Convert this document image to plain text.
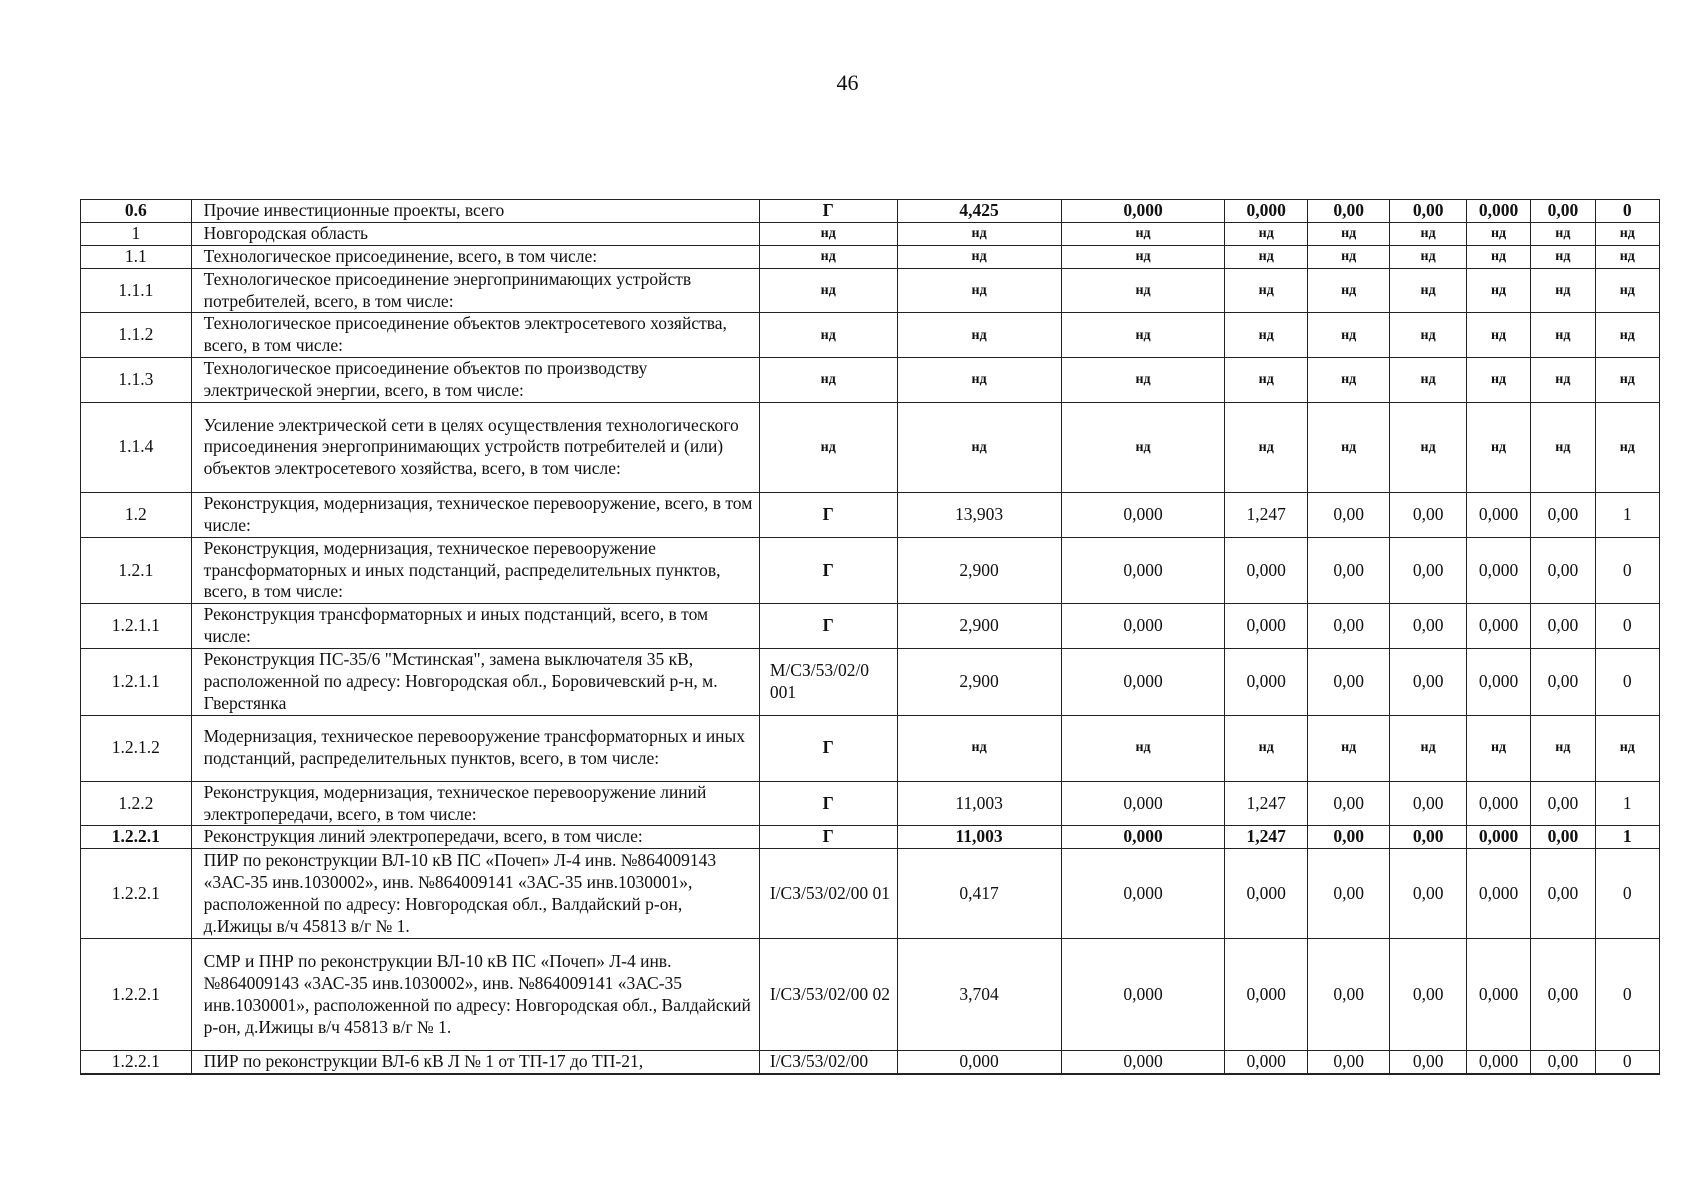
46
0.6	Прочие инвестиционные проекты, всего	Г	4,425	0,000	0,000	0,00	0,00	0,000	0,00	0
1	Новгородская область	нд	нд	нд	нд	нд	нд	нд	нд	нд
1.1	Технологическое присоединение, всего, в том числе:	нд	нд	нд	нд	нд	нд	нд	нд	нд
1.1.1	Технологическое присоединение энергопринимающих устройств потребителей, всего, в том числе:	нд	нд	нд	нд	нд	нд	нд	нд	нд
1.1.2	Технологическое присоединение объектов электросетевого хозяйства, всего, в том числе:	нд	нд	нд	нд	нд	нд	нд	нд	нд
1.1.3	Технологическое присоединение объектов по производству электрической энергии, всего, в том числе:	нд	нд	нд	нд	нд	нд	нд	нд	нд
1.1.4	Усиление электрической сети в целях осуществления технологического присоединения энергопринимающих устройств потребителей и (или) объектов электросетевого хозяйства, всего, в том числе:	нд	нд	нд	нд	нд	нд	нд	нд	нд
1.2	Реконструкция, модернизация, техническое перевооружение, всего, в том числе:	Г	13,903	0,000	1,247	0,00	0,00	0,000	0,00	1
1.2.1	Реконструкция, модернизация, техническое перевооружение трансформаторных и иных подстанций, распределительных пунктов, всего, в том числе:	Г	2,900	0,000	0,000	0,00	0,00	0,000	0,00	0
1.2.1.1	Реконструкция трансформаторных и иных подстанций, всего, в том числе:	Г	2,900	0,000	0,000	0,00	0,00	0,000	0,00	0
1.2.1.1	Реконструкция ПС-35/6 "Мстинская", замена выключателя 35 кВ, расположенной по адресу: Новгородская обл., Боровичевский р-н, м. Гверстянка	М/СЗ/53/02/0 001	2,900	0,000	0,000	0,00	0,00	0,000	0,00	0
1.2.1.2	Модернизация, техническое перевооружение трансформаторных и иных подстанций, распределительных пунктов, всего, в том числе:	Г	нд	нд	нд	нд	нд	нд	нд	нд
1.2.2	Реконструкция, модернизация, техническое перевооружение линий электропередачи, всего, в том числе:	Г	11,003	0,000	1,247	0,00	0,00	0,000	0,00	1
1.2.2.1	Реконструкция линий электропередачи, всего, в том числе:	Г	11,003	0,000	1,247	0,00	0,00	0,000	0,00	1
1.2.2.1	ПИР по реконструкции ВЛ-10 кВ ПС «Почеп» Л-4 инв. №864009143 «3АС-35 инв.1030002», инв. №864009141 «3АС-35 инв.1030001», расположенной по адресу: Новгородская обл., Валдайский р-он, д.Ижицы в/ч 45813 в/г № 1.	I/СЗ/53/02/00 01	0,417	0,000	0,000	0,00	0,00	0,000	0,00	0
1.2.2.1	СМР и ПНР по реконструкции ВЛ-10 кВ ПС «Почеп» Л-4 инв. №864009143 «3АС-35 инв.1030002», инв. №864009141 «3АС-35 инв.1030001», расположенной по адресу: Новгородская обл., Валдайский р-он, д.Ижицы в/ч 45813 в/г № 1.	I/СЗ/53/02/00 02	3,704	0,000	0,000	0,00	0,00	0,000	0,00	0
1.2.2.1	ПИР по реконструкции ВЛ-6 кВ Л № 1 от ТП-17 до ТП-21,	I/СЗ/53/02/00	0,000	0,000	0,000	0,00	0,00	0,000	0,00	0
